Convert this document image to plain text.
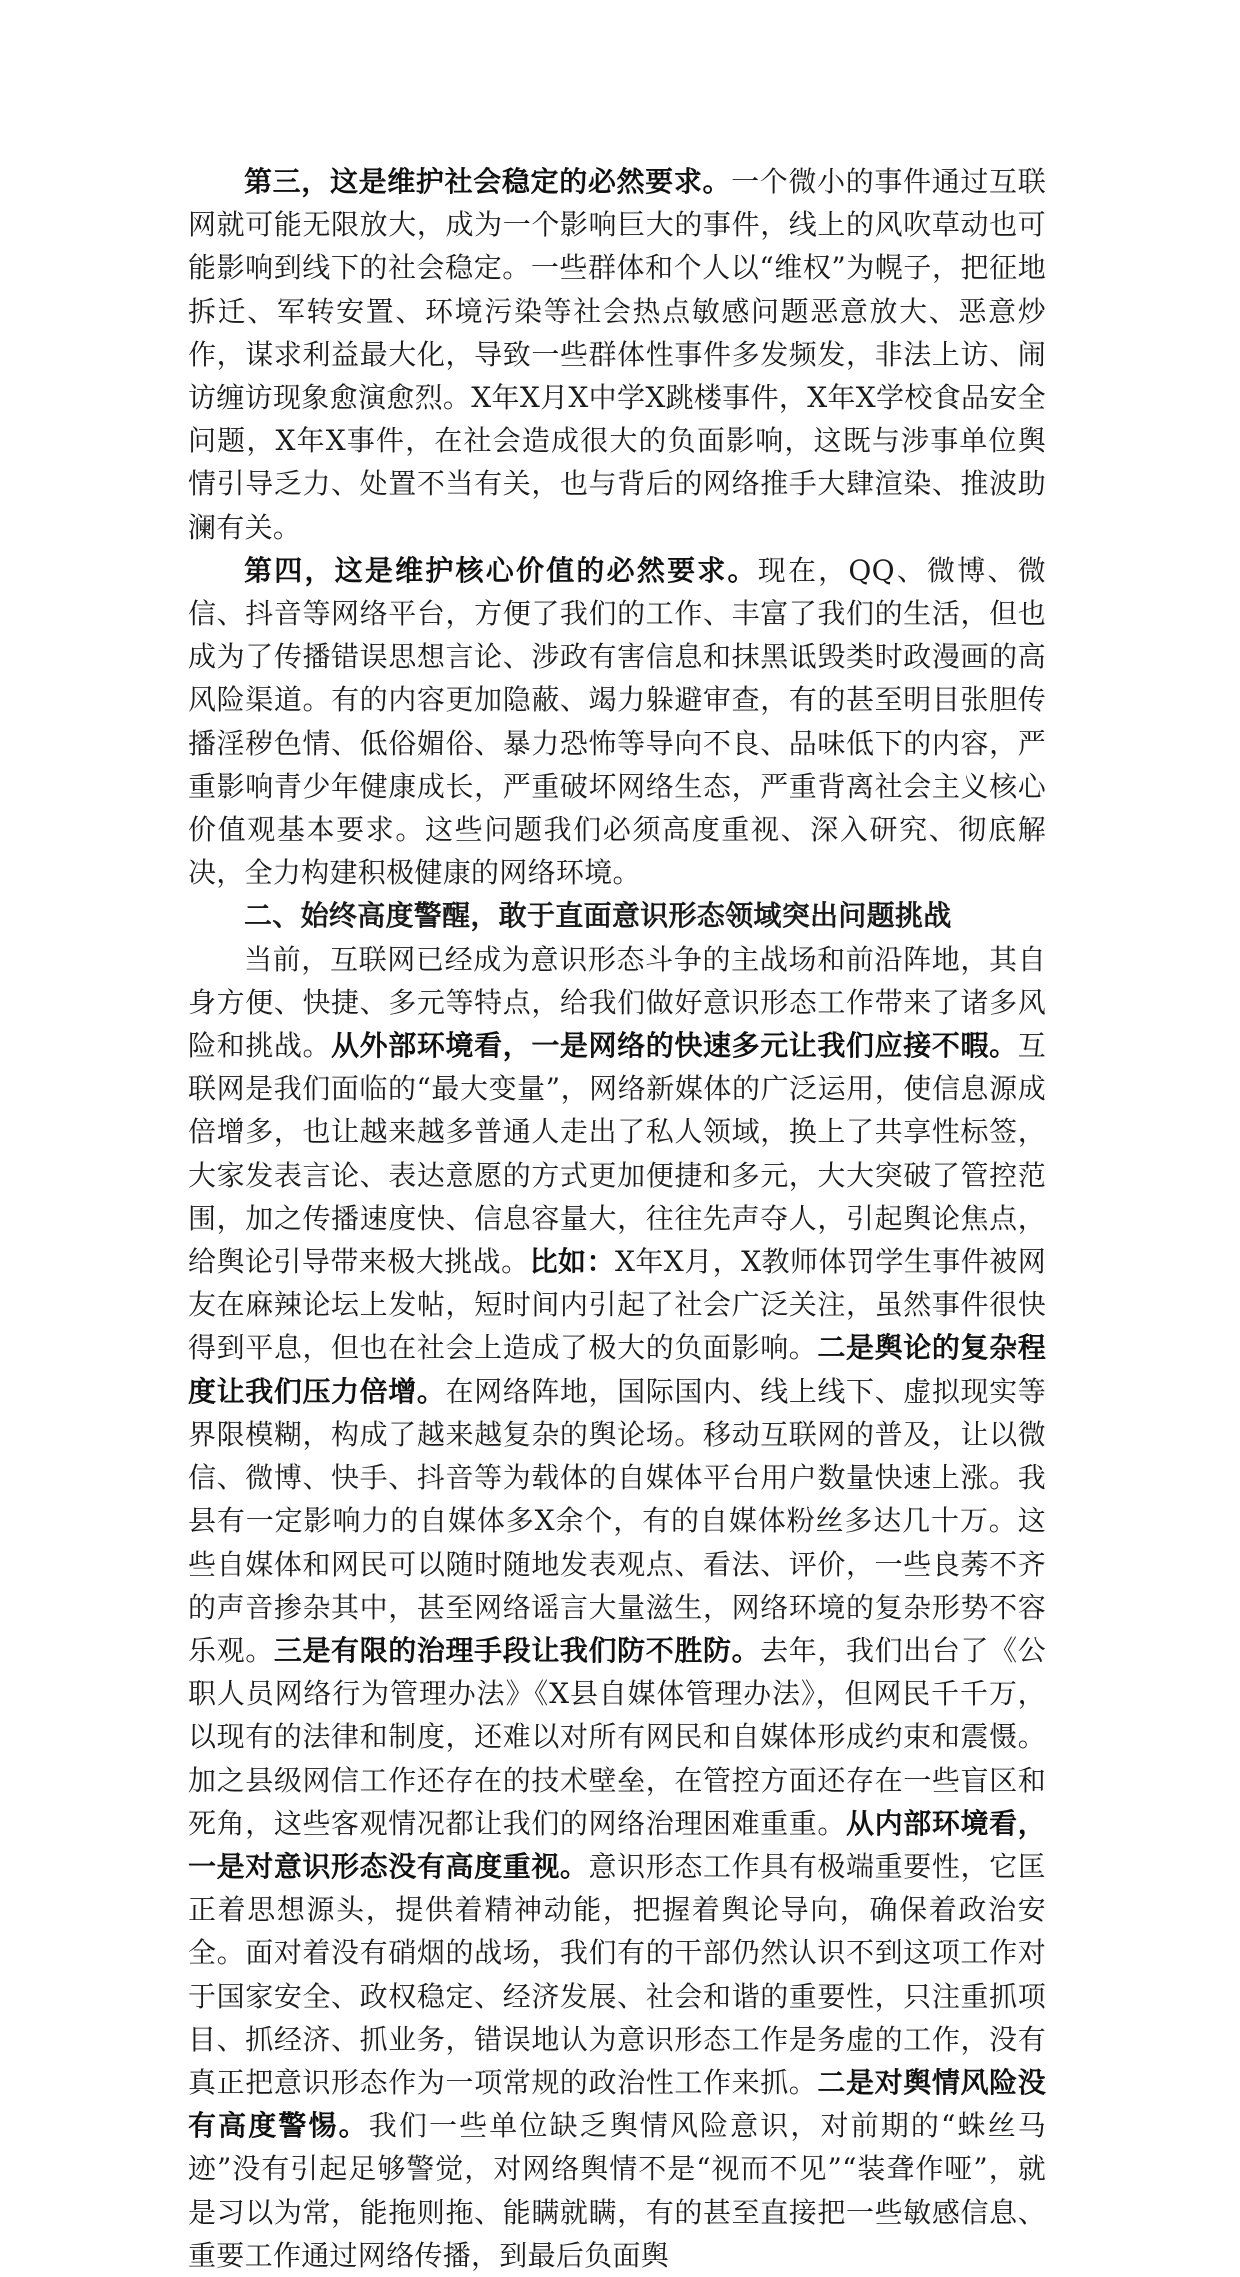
第三，这是维护社会稳定的必然要求。一个微小的事件通过互联网就可能无限放大，成为一个影响巨大的事件，线上的风吹草动也可能影响到线下的社会稳定。一些群体和个人以“维权”为幌子，把征地拆迁、军转安置、环境污染等社会热点敏感问题恶意放大、恶意炒作，谋求利益最大化，导致一些群体性事件多发频发，非法上访、闹访缠访现象愈演愈烈。X年X月X中学X跳楼事件，X年X学校食品安全问题，X年X事件，在社会造成很大的负面影响，这既与涉事单位舆情引导乏力、处置不当有关，也与背后的网络推手大肆渲染、推波助澜有关。

第四，这是维护核心价值的必然要求。现在，QQ、微博、微信、抖音等网络平台，方便了我们的工作、丰富了我们的生活，但也成为了传播错误思想言论、涉政有害信息和抹黑诋毁类时政漫画的高风险渠道。有的内容更加隐蔽、竭力躲避审查，有的甚至明目张胆传播淫秽色情、低俗媚俗、暴力恐怖等导向不良、品味低下的内容，严重影响青少年健康成长，严重破坏网络生态，严重背离社会主义核心价值观基本要求。这些问题我们必须高度重视、深入研究、彻底解决，全力构建积极健康的网络环境。

二、始终高度警醒，敢于直面意识形态领域突出问题挑战

当前，互联网已经成为意识形态斗争的主战场和前沿阵地，其自身方便、快捷、多元等特点，给我们做好意识形态工作带来了诸多风险和挑战。从外部环境看，一是网络的快速多元让我们应接不暇。互联网是我们面临的“最大变量”，网络新媒体的广泛运用，使信息源成倍增多，也让越来越多普通人走出了私人领域，换上了共享性标签，大家发表言论、表达意愿的方式更加便捷和多元，大大突破了管控范围，加之传播速度快、信息容量大，往往先声夺人，引起舆论焦点，给舆论引导带来极大挑战。比如：X年X月，X教师体罚学生事件被网友在麻辣论坛上发帖，短时间内引起了社会广泛关注，虽然事件很快得到平息，但也在社会上造成了极大的负面影响。二是舆论的复杂程度让我们压力倍增。在网络阵地，国际国内、线上线下、虚拟现实等界限模糊，构成了越来越复杂的舆论场。移动互联网的普及，让以微信、微博、快手、抖音等为载体的自媒体平台用户数量快速上涨。我县有一定影响力的自媒体多X余个，有的自媒体粉丝多达几十万。这些自媒体和网民可以随时随地发表观点、看法、评价，一些良莠不齐的声音掺杂其中，甚至网络谣言大量滋生，网络环境的复杂形势不容乐观。三是有限的治理手段让我们防不胜防。去年，我们出台了《公职人员网络行为管理办法》《X县自媒体管理办法》，但网民千千万，以现有的法律和制度，还难以对所有网民和自媒体形成约束和震慑。加之县级网信工作还存在的技术壁垒，在管控方面还存在一些盲区和死角，这些客观情况都让我们的网络治理困难重重。从内部环境看，一是对意识形态没有高度重视。意识形态工作具有极端重要性，它匡正着思想源头，提供着精神动能，把握着舆论导向，确保着政治安全。面对着没有硝烟的战场，我们有的干部仍然认识不到这项工作对于国家安全、政权稳定、经济发展、社会和谐的重要性，只注重抓项目、抓经济、抓业务，错误地认为意识形态工作是务虚的工作，没有真正把意识形态作为一项常规的政治性工作来抓。二是对舆情风险没有高度警惕。我们一些单位缺乏舆情风险意识，对前期的“蛛丝马迹”没有引起足够警觉，对网络舆情不是“视而不见”“装聋作哑”，就是习以为常，能拖则拖、能瞒就瞒，有的甚至直接把一些敏感信息、重要工作通过网络传播，到最后负面舆
